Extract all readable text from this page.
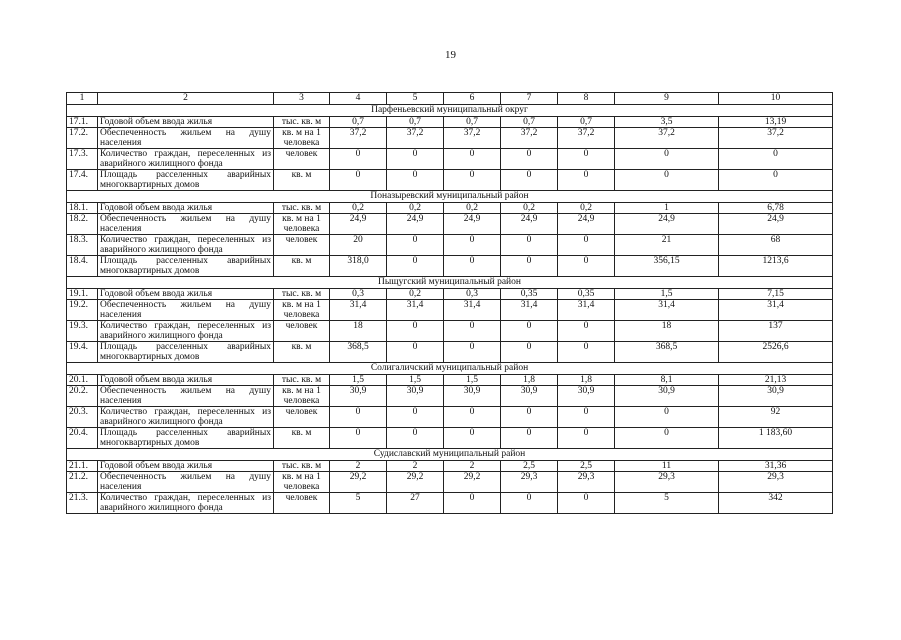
19
1	2	3	4	5	6	7	8	9	10
Парфеньевский муниципальный округ									
17.1.	Годовой объем ввода жилья	тыс. кв. м	0,7	0,7	0,7	0,7	0,7	3,5	13,19
17.2.	Обеспеченность жильем на душу населения	кв. м на 1 человека	37,2	37,2	37,2	37,2	37,2	37,2	37,2
17.3.	Количество граждан, переселенных из аварийного жилищного фонда	человек	0	0	0	0	0	0	0
17.4.	Площадь расселенных аварийных многоквартирных домов	кв. м	0	0	0	0	0	0	0
Поназыревский муниципальный район									
18.1.	Годовой объем ввода жилья	тыс. кв. м	0,2	0,2	0,2	0,2	0,2	1	6,78
18.2.	Обеспеченность жильем на душу населения	кв. м на 1 человека	24,9	24,9	24,9	24,9	24,9	24,9	24,9
18.3.	Количество граждан, переселенных из аварийного жилищного фонда	человек	20	0	0	0	0	21	68
18.4.	Площадь расселенных аварийных многоквартирных домов	кв. м	318,0	0	0	0	0	356,15	1213,6
Пыщугский муниципальный район									
19.1.	Годовой объем ввода жилья	тыс. кв. м	0,3	0,2	0,3	0,35	0,35	1,5	7,15
19.2.	Обеспеченность жильем на душу населения	кв. м на 1 человека	31,4	31,4	31,4	31,4	31,4	31,4	31,4
19.3.	Количество граждан, переселенных из аварийного жилищного фонда	человек	18	0	0	0	0	18	137
19.4.	Площадь расселенных аварийных многоквартирных домов	кв. м	368,5	0	0	0	0	368,5	2526,6
Солигаличский муниципальный район									
20.1.	Годовой объем ввода жилья	тыс. кв. м	1,5	1,5	1,5	1,8	1,8	8,1	21,13
20.2.	Обеспеченность жильем на душу населения	кв. м на 1 человека	30,9	30,9	30,9	30,9	30,9	30,9	30,9
20.3.	Количество граждан, переселенных из аварийного жилищного фонда	человек	0	0	0	0	0	0	92
20.4.	Площадь расселенных аварийных многоквартирных домов	кв. м	0	0	0	0	0	0	1 183,60
Судиславский муниципальный район									
21.1.	Годовой объем ввода жилья	тыс. кв. м	2	2	2	2,5	2,5	11	31,36
21.2.	Обеспеченность жильем на душу населения	кв. м на 1 человека	29,2	29,2	29,2	29,3	29,3	29,3	29,3
21.3.	Количество граждан, переселенных из аварийного жилищного фонда	человек	5	27	0	0	0	5	342
